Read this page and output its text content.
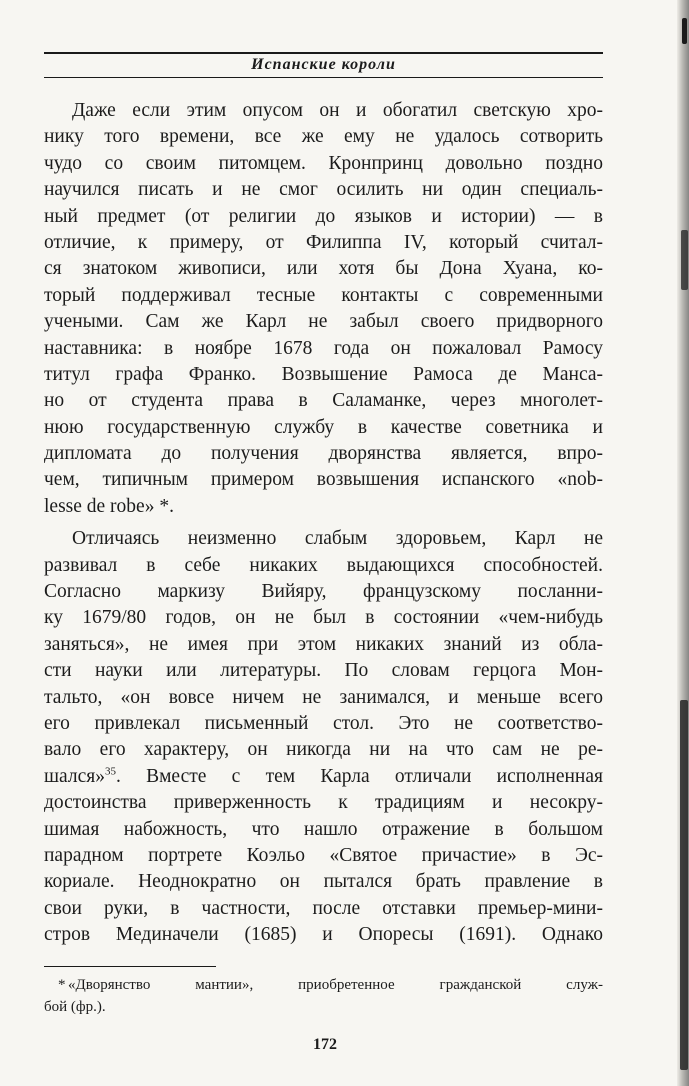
Испанские короли
Даже если этим опусом он и обогатил светскую хро-
нику того времени, все же ему не удалось сотворить
чудо со своим питомцем. Кронпринц довольно поздно
научился писать и не смог осилить ни один специаль-
ный предмет (от религии до языков и истории) — в
отличие, к примеру, от Филиппа IV, который считал-
ся знатоком живописи, или хотя бы Дона Хуана, ко-
торый поддерживал тесные контакты с современными
учеными. Сам же Карл не забыл своего придворного
наставника: в ноябре 1678 года он пожаловал Рамосу
титул графа Франко. Возвышение Рамоса де Манса-
но от студента права в Саламанке, через многолет-
нюю государственную службу в качестве советника и
дипломата до получения дворянства является, впро-
чем, типичным примером возвышения испанского «nob-
lesse de robe» *.
Отличаясь неизменно слабым здоровьем, Карл не
развивал в себе никаких выдающихся способностей.
Согласно маркизу Вийяру, французскому посланни-
ку 1679/80 годов, он не был в состоянии «чем-нибудь
заняться», не имея при этом никаких знаний из обла-
сти науки или литературы. По словам герцога Мон-
тальто, «он вовсе ничем не занимался, и меньше всего
его привлекал письменный стол. Это не соответство-
вало его характеру, он никогда ни на что сам не ре-
шался»$^{35}$. Вместе с тем Карла отличали исполненная
достоинства приверженность к традициям и несокру-
шимая набожность, что нашло отражение в большом
парадном портрете Коэльо «Святое причастие» в Эс-
кориале. Неоднократно он пытался брать правление в
свои руки, в частности, после отставки премьер-мини-
стров Мединачели (1685) и Опоресы (1691). Однако
* «Дворянство мантии», приобретенное гражданской служ-
бой (фр.).
172
